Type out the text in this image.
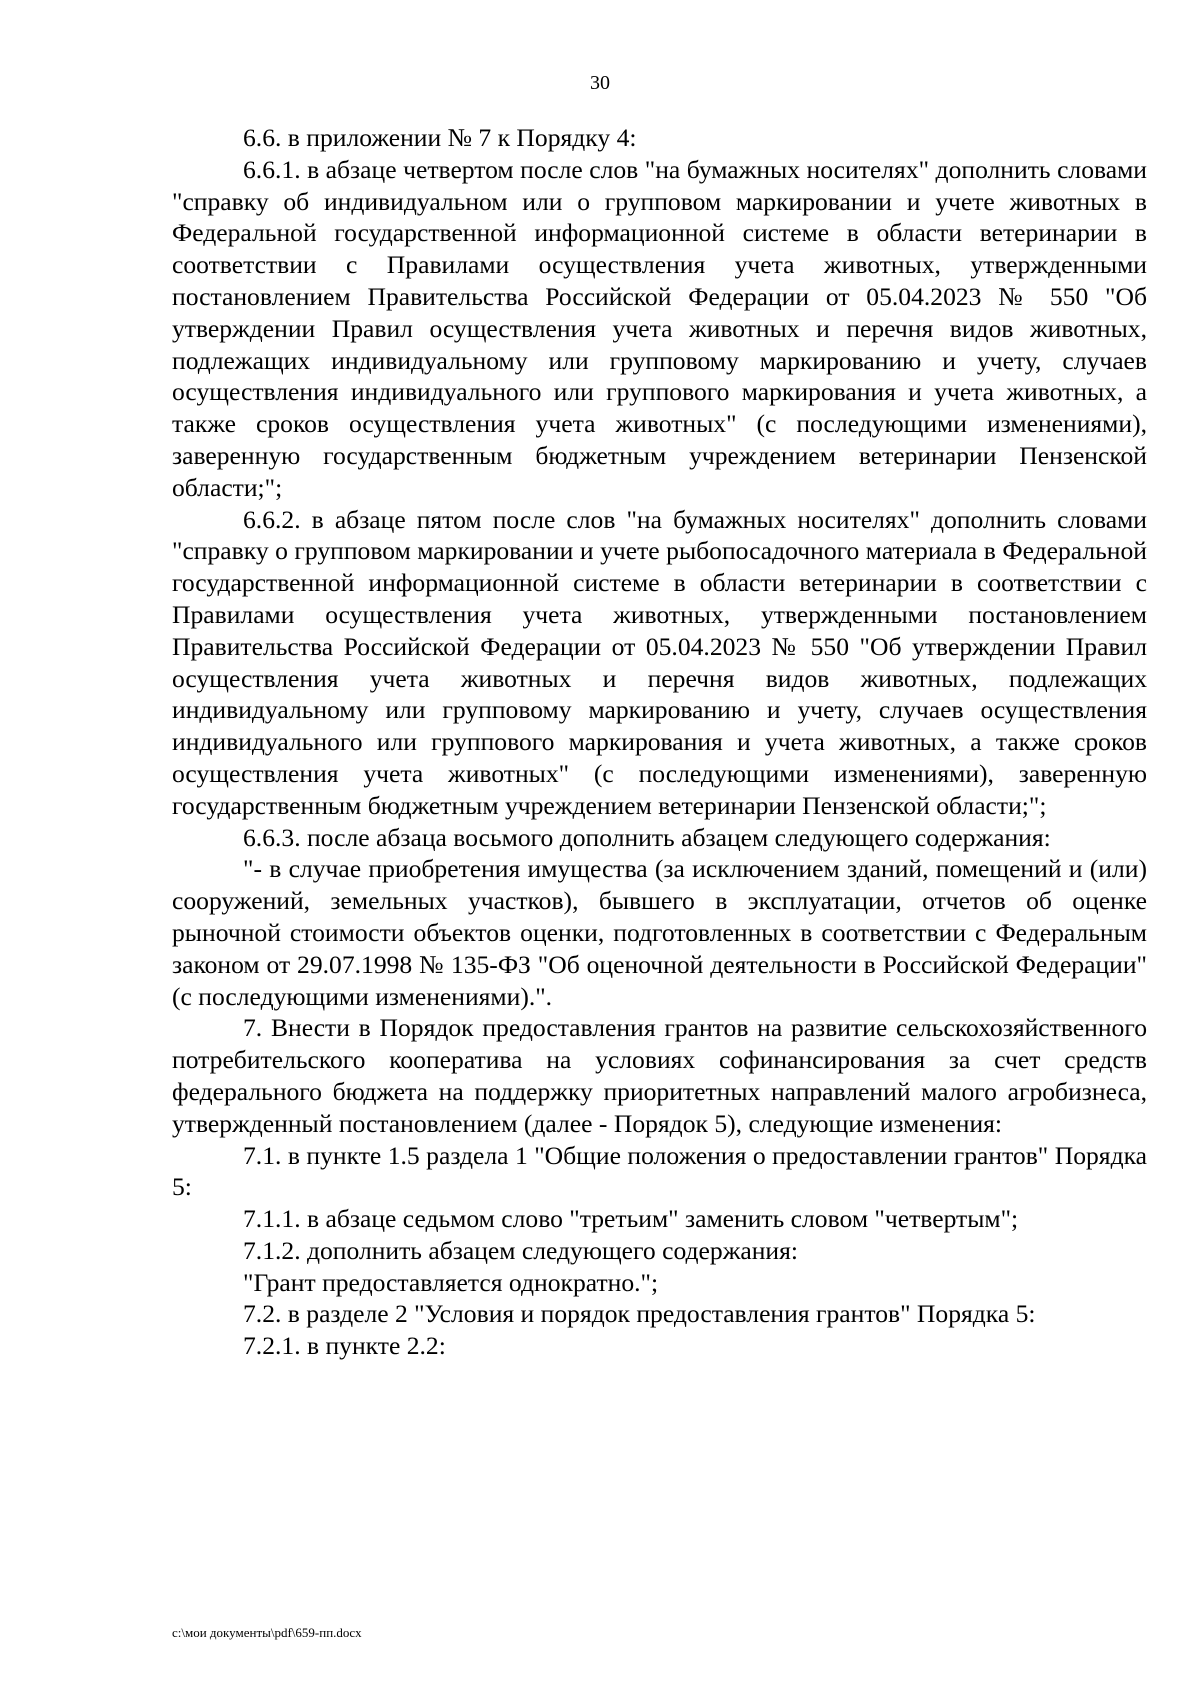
30

6.6. в приложении № 7 к Порядку 4:

6.6.1. в абзаце четвертом после слов "на бумажных носителях" дополнить словами "справку об индивидуальном или о групповом маркировании и учете животных в Федеральной государственной информационной системе в области ветеринарии в соответствии с Правилами осуществления учета животных, утвержденными постановлением Правительства Российской Федерации от 05.04.2023 № 550 "Об утверждении Правил осуществления учета животных и перечня видов животных, подлежащих индивидуальному или групповому маркированию и учету, случаев осуществления индивидуального или группового маркирования и учета животных, а также сроков осуществления учета животных" (с последующими изменениями), заверенную государственным бюджетным учреждением ветеринарии Пензенской области;";

6.6.2. в абзаце пятом после слов "на бумажных носителях" дополнить словами "справку о групповом маркировании и учете рыбопосадочного материала в Федеральной государственной информационной системе в области ветеринарии в соответствии с Правилами осуществления учета животных, утвержденными постановлением Правительства Российской Федерации от 05.04.2023 № 550 "Об утверждении Правил осуществления учета животных и перечня видов животных, подлежащих индивидуальному или групповому маркированию и учету, случаев осуществления индивидуального или группового маркирования и учета животных, а также сроков осуществления учета животных" (с последующими изменениями), заверенную государственным бюджетным учреждением ветеринарии Пензенской области;";

6.6.3. после абзаца восьмого дополнить абзацем следующего содержания:

"- в случае приобретения имущества (за исключением зданий, помещений и (или) сооружений, земельных участков), бывшего в эксплуатации, отчетов об оценке рыночной стоимости объектов оценки, подготовленных в соответствии с Федеральным законом от 29.07.1998 № 135-ФЗ "Об оценочной деятельности в Российской Федерации" (с последующими изменениями).".

7. Внести в Порядок предоставления грантов на развитие сельскохозяйственного потребительского кооператива на условиях софинансирования за счет средств федерального бюджета на поддержку приоритетных направлений малого агробизнеса, утвержденный постановлением (далее - Порядок 5), следующие изменения:

7.1. в пункте 1.5 раздела 1 "Общие положения о предоставлении грантов" Порядка 5:

7.1.1. в абзаце седьмом слово "третьим" заменить словом "четвертым";

7.1.2. дополнить абзацем следующего содержания:

"Грант предоставляется однократно.";

7.2. в разделе 2 "Условия и порядок предоставления грантов" Порядка 5:

7.2.1. в пункте 2.2:

c:\мои документы\pdf\659-пп.docx
